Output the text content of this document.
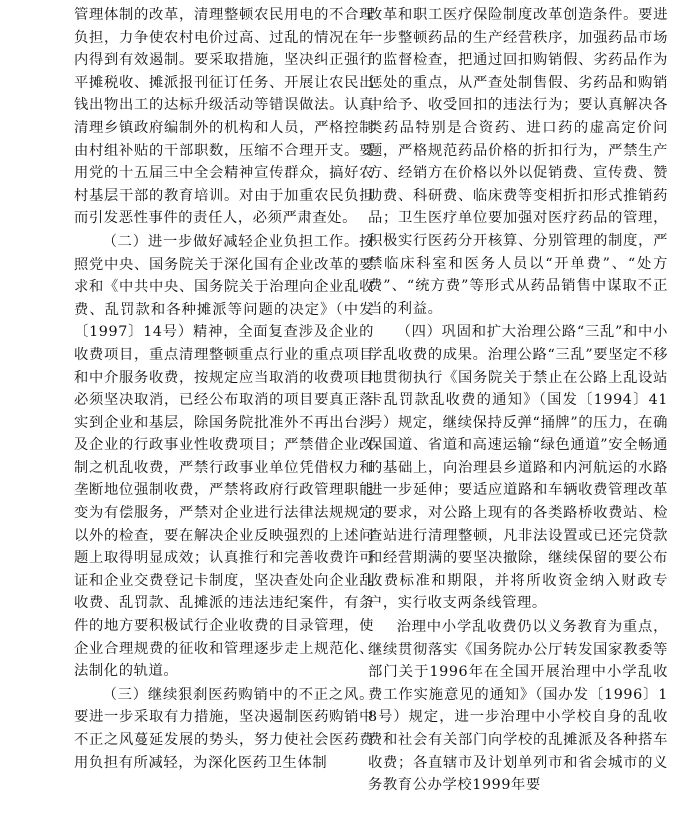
管理体制的改革，清理整顿农民用电的不合理负担，力争使农村电价过高、过乱的情况在年内得到有效遏制。要采取措施，坚决纠正强行平摊税收、摊派报刊征订任务、开展让农民出钱出物出工的达标升级活动等错误做法。认真清理乡镇政府编制外的机构和人员，严格控制由村组补贴的干部职数，压缩不合理开支。要用党的十五届三中全会精神宣传群众，搞好农村基层干部的教育培训。对由于加重农民负担而引发恶性事件的责任人，必须严肃查处。

（二）进一步做好减轻企业负担工作。按照党中央、国务院关于深化国有企业改革的要求和《中共中央、国务院关于治理向企业乱收费、乱罚款和各种摊派等问题的决定》（中发〔1997〕14号）精神，全面复查涉及企业的收费项目，重点清理整顿重点行业的重点项目和中介服务收费，按规定应当取消的收费项目必须坚决取消，已经公布取消的项目要真正落实到企业和基层，除国务院批准外不再出台涉及企业的行政事业性收费项目；严禁借企业改制之机乱收费，严禁行政事业单位凭借权力和垄断地位强制收费，严禁将政府行政管理职能变为有偿服务，严禁对企业进行法律法规规定以外的检查，要在解决企业反映强烈的上述问题上取得明显成效；认真推行和完善收费许可证和企业交费登记卡制度，坚决查处向企业乱收费、乱罚款、乱摊派的违法违纪案件，有条件的地方要积极试行企业收费的目录管理，使企业合理规费的征收和管理逐步走上规范化、法制化的轨道。

（三）继续狠刹医药购销中的不正之风。要进一步采取有力措施，坚决遏制医药购销中不正之风蔓延发展的势头，努力使社会医药费用负担有所减轻，为深化医药卫生体制

改革和职工医疗保险制度改革创造条件。要进一步整顿药品的生产经营秩序，加强药品市场的监督检查，把通过回扣购销假、劣药品作为惩处的重点，从严查处制售假、劣药品和购销中给予、收受回扣的违法行为；要认真解决各类药品特别是合资药、进口药的虚高定价问题，严格规范药品价格的折扣行为，严禁生产方、经销方在价格以外以促销费、宣传费、赞助费、科研费、临床费等变相折扣形式推销药品；卫生医疗单位要加强对医疗药品的管理，积极实行医药分开核算、分别管理的制度，严禁临床科室和医务人员以“开单费”、“处方费”、“统方费”等形式从药品销售中谋取不正当的利益。

（四）巩固和扩大治理公路“三乱”和中小学乱收费的成果。治理公路“三乱”要坚定不移地贯彻执行《国务院关于禁止在公路上乱设站卡乱罚款乱收费的通知》（国发〔1994〕41号）规定，继续保持反弹“捅牌”的压力，在确保国道、省道和高速运输“绿色通道”安全畅通的基础上，向治理县乡道路和内河航运的水路进一步延伸；要适应道路和车辆收费管理改革的要求，对公路上现有的各类路桥收费站、检查站进行清理整顿，凡非法设置或已还完贷款和经营期满的要坚决撤除，继续保留的要公布收费标准和期限，并将所收资金纳入财政专户，实行收支两条线管理。

治理中小学乱收费仍以义务教育为重点，继续贯彻落实《国务院办公厅转发国家教委等部门关于1996年在全国开展治理中小学乱收费工作实施意见的通知》（国办发〔1996〕18号）规定，进一步治理中小学校自身的乱收费和社会有关部门向学校的乱摊派及各种搭车收费；各直辖市及计划单列市和省会城市的义务教育公办学校1999年要
